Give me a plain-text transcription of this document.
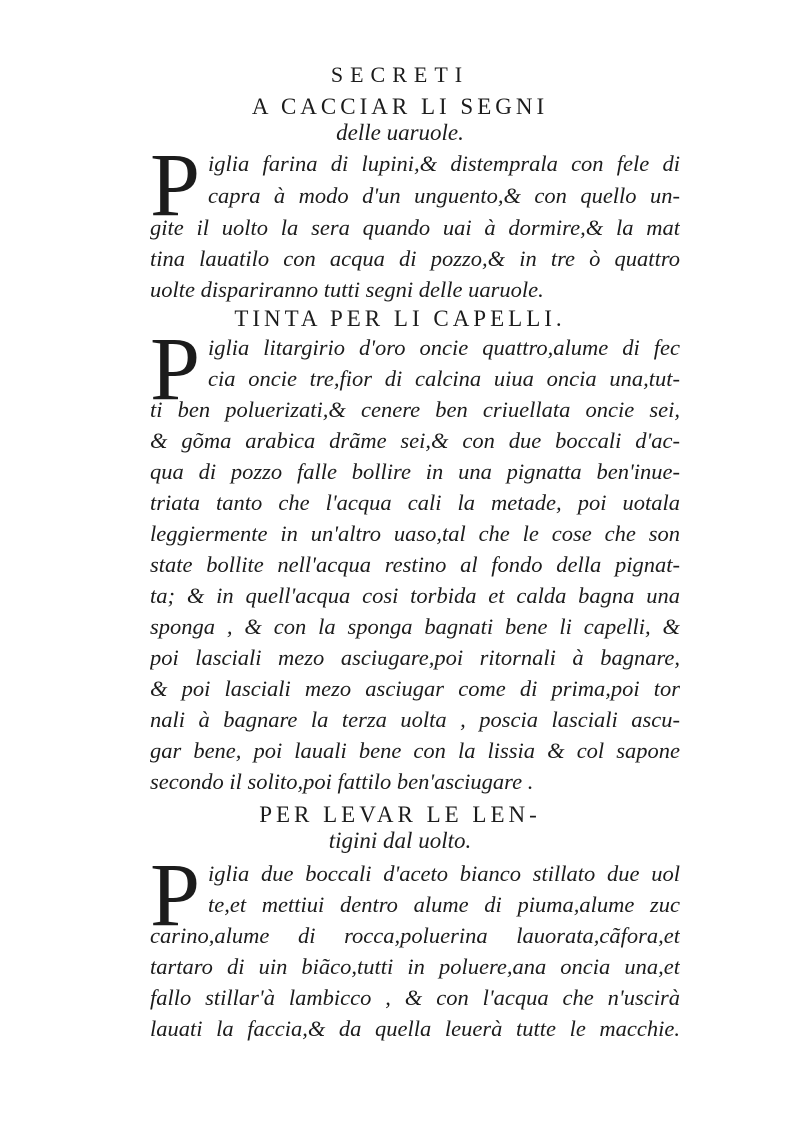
SECRETI
A CACCIAR LI SEGNI
delle uaruole.
P iglia farina di lupini,& distemprala con fele di
capra à modo d'un unguento,& con quello un-
gite il uolto la sera quando uai à dormire,& la mat
tina lauatilo con acqua di pozzo,& in tre ò quattro
uolte dispariranno tutti segni delle uaruole.
TINTA PER LI CAPELLI.
P iglia litargirio d'oro oncie quattro,alume di fec
cia oncie tre,fior di calcina uiua oncia una,tut-
ti ben poluerizati,& cenere ben criuellata oncie sei,
& gõma arabica drãme sei,& con due boccali d'ac-
qua di pozzo falle bollire in una pignatta ben'inue-
triata tanto che l'acqua cali la metade, poi uotala
leggiermente in un'altro uaso,tal che le cose che son
state bollite nell'acqua restino al fondo della pignat-
ta; & in quell'acqua cosi torbida et calda bagna una
sponga , & con la sponga bagnati bene li capelli, &
poi lasciali mezo asciugare,poi ritornali à bagnare,
& poi lasciali mezo asciugar come di prima,poi tor
nali à bagnare la terza uolta , poscia lasciali ascu-
gar bene, poi lauali bene con la lissia & col sapone
secondo il solito,poi fattilo ben'asciugare .
PER LEVAR LE LEN-
tigini dal uolto.
P iglia due boccali d'aceto bianco stillato due uol
te,et mettiui dentro alume di piuma,alume zuc
carino,alume di rocca,poluerina lauorata,cãfora,et
tartaro di uin biãco,tutti in poluere,ana oncia una,et
fallo stillar'à lambicco , & con l'acqua che n'uscirà
lauati la faccia,& da quella leuerà tutte le macchie.
